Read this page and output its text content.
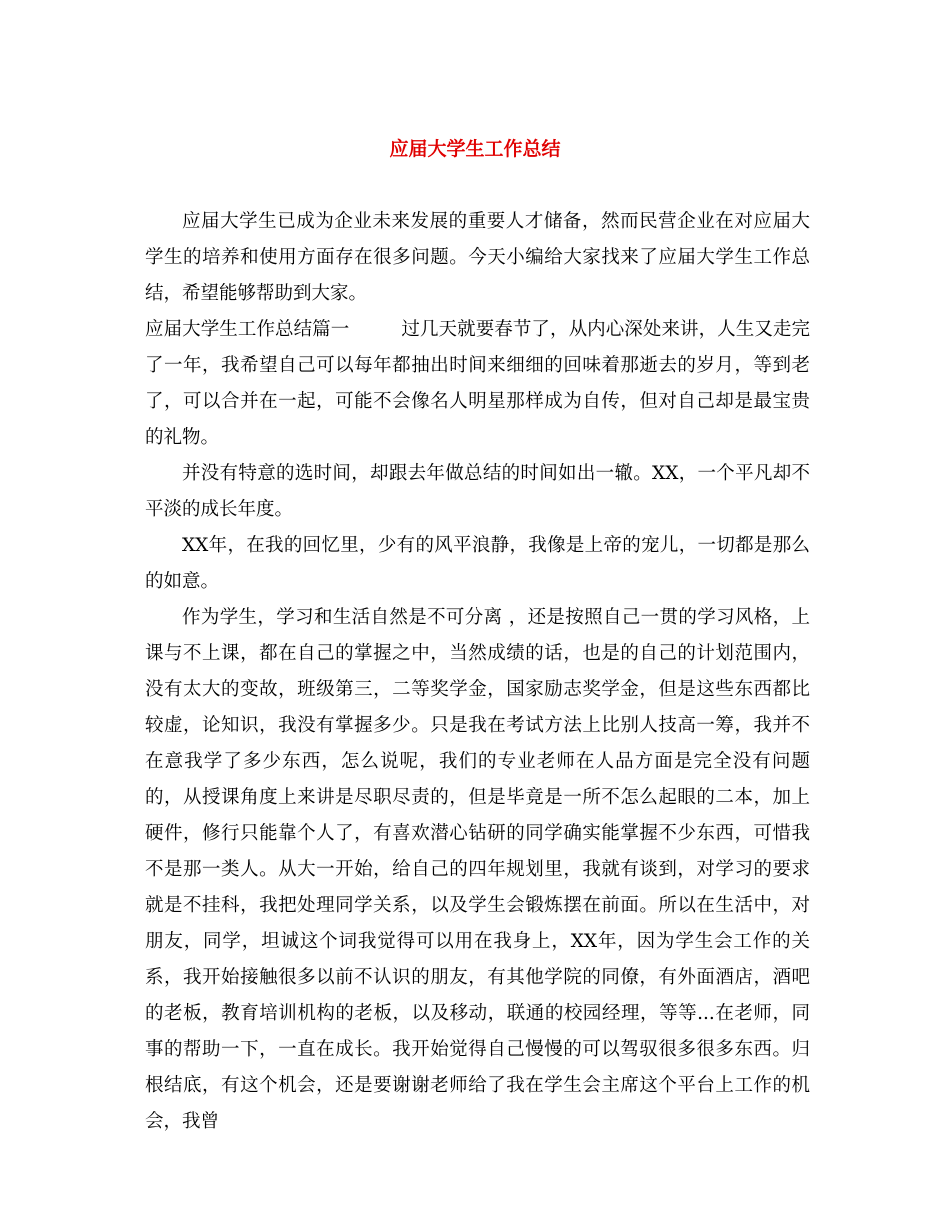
应届大学生工作总结

应届大学生已成为企业未来发展的重要人才储备，然而民营企业在对应届大学生的培养和使用方面存在很多问题。今天小编给大家找来了应届大学生工作总结，希望能够帮助到大家。

应届大学生工作总结篇一	过几天就要春节了，从内心深处来讲，人生又走完了一年，我希望自己可以每年都抽出时间来细细的回味着那逝去的岁月，等到老了，可以合并在一起，可能不会像名人明星那样成为自传，但对自己却是最宝贵的礼物。

并没有特意的选时间，却跟去年做总结的时间如出一辙。XX，一个平凡却不平淡的成长年度。

XX年，在我的回忆里，少有的风平浪静，我像是上帝的宠儿，一切都是那么的如意。

作为学生，学习和生活自然是不可分离 ，还是按照自己一贯的学习风格，上课与不上课，都在自己的掌握之中，当然成绩的话，也是的自己的计划范围内，没有太大的变故，班级第三，二等奖学金，国家励志奖学金，但是这些东西都比较虚，论知识，我没有掌握多少。只是我在考试方法上比别人技高一筹，我并不在意我学了多少东西，怎么说呢，我们的专业老师在人品方面是完全没有问题的，从授课角度上来讲是尽职尽责的，但是毕竟是一所不怎么起眼的二本，加上硬件，修行只能靠个人了，有喜欢潜心钻研的同学确实能掌握不少东西，可惜我不是那一类人。从大一开始，给自己的四年规划里，我就有谈到，对学习的要求就是不挂科，我把处理同学关系，以及学生会锻炼摆在前面。所以在生活中，对朋友，同学，坦诚这个词我觉得可以用在我身上，XX年，因为学生会工作的关系，我开始接触很多以前不认识的朋友，有其他学院的同僚，有外面酒店，酒吧的老板，教育培训机构的老板，以及移动，联通的校园经理，等等...在老师，同事的帮助一下，一直在成长。我开始觉得自己慢慢的可以驾驭很多很多东西。归根结底，有这个机会，还是要谢谢老师给了我在学生会主席这个平台上工作的机会，我曾
